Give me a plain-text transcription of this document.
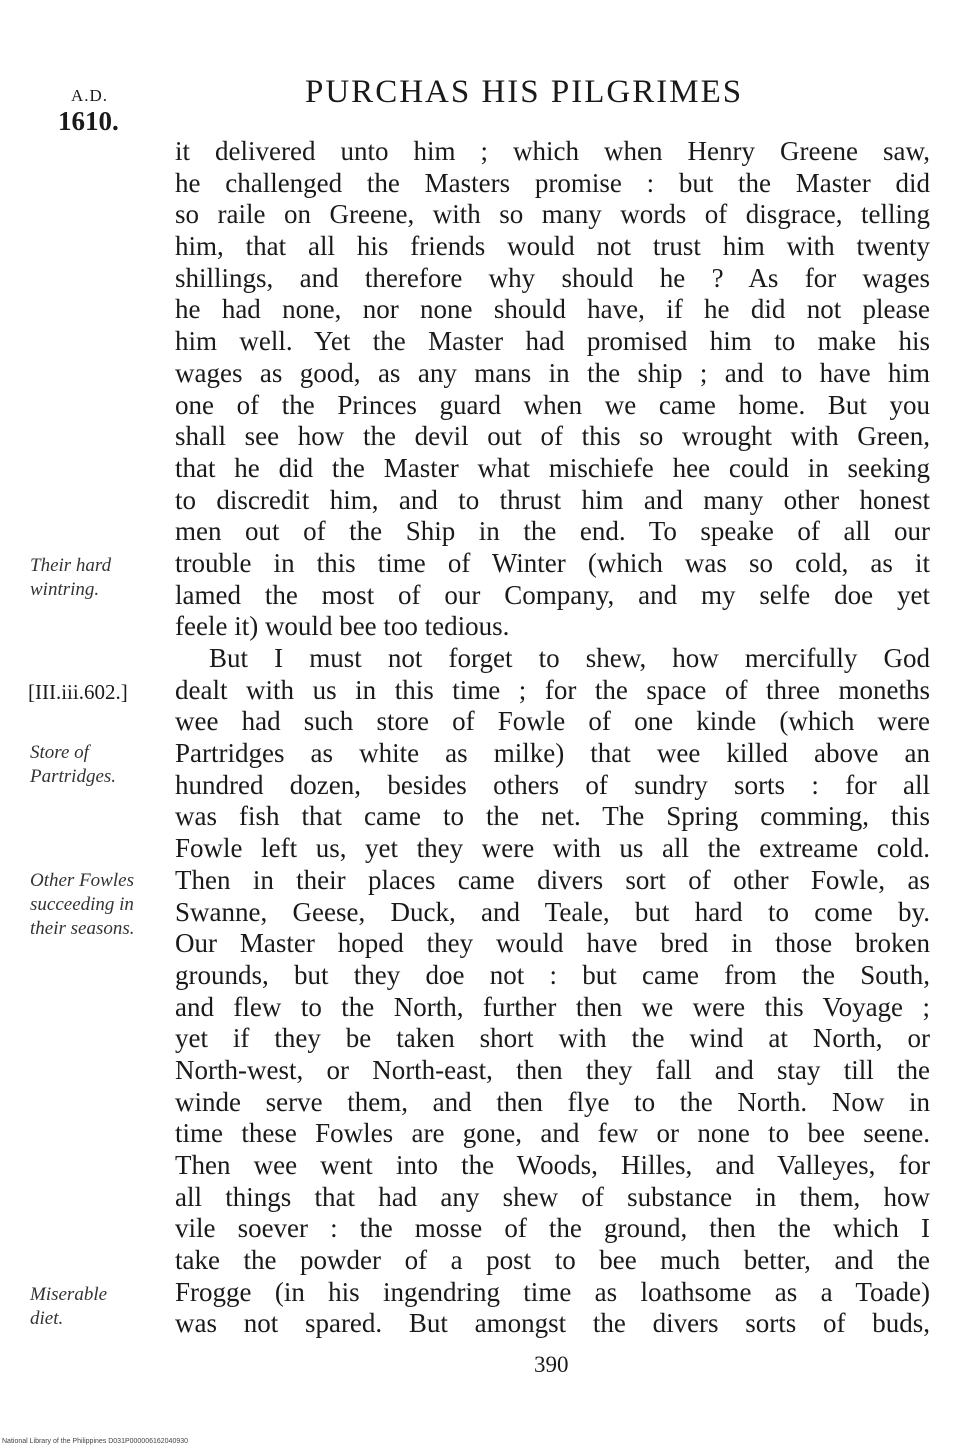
A.D.
1610.
PURCHAS HIS PILGRIMES
it delivered unto him ; which when Henry Greene saw,
he challenged the Masters promise : but the Master did
so raile on Greene, with so many words of disgrace, telling
him, that all his friends would not trust him with twenty
shillings, and therefore why should he ? As for wages
he had none, nor none should have, if he did not please
him well. Yet the Master had promised him to make his
wages as good, as any mans in the ship ; and to have him
one of the Princes guard when we came home. But you
shall see how the devil out of this so wrought with Green,
that he did the Master what mischiefe hee could in seeking
to discredit him, and to thrust him and many other honest
men out of the Ship in the end. To speake of all our
trouble in this time of Winter (which was so cold, as it
lamed the most of our Company, and my selfe doe yet
feele it) would bee too tedious.
But I must not forget to shew, how mercifully God
dealt with us in this time ; for the space of three moneths
wee had such store of Fowle of one kinde (which were
Partridges as white as milke) that wee killed above an
hundred dozen, besides others of sundry sorts : for all
was fish that came to the net. The Spring comming, this
Fowle left us, yet they were with us all the extreame cold.
Then in their places came divers sort of other Fowle, as
Swanne, Geese, Duck, and Teale, but hard to come by.
Our Master hoped they would have bred in those broken
grounds, but they doe not : but came from the South,
and flew to the North, further then we were this Voyage ;
yet if they be taken short with the wind at North, or
North-west, or North-east, then they fall and stay till the
winde serve them, and then flye to the North. Now in
time these Fowles are gone, and few or none to bee seene.
Then wee went into the Woods, Hilles, and Valleyes, for
all things that had any shew of substance in them, how
vile soever : the mosse of the ground, then the which I
take the powder of a post to bee much better, and the
Frogge (in his ingendring time as loathsome as a Toade)
was not spared. But amongst the divers sorts of buds,
Their hard
wintring.
[III.iii.602.]
Store of
Partridges.
Other Fowles
succeeding in
their seasons.
Miserable
diet.
390
National Library of the Philippines D031P000006162040930
